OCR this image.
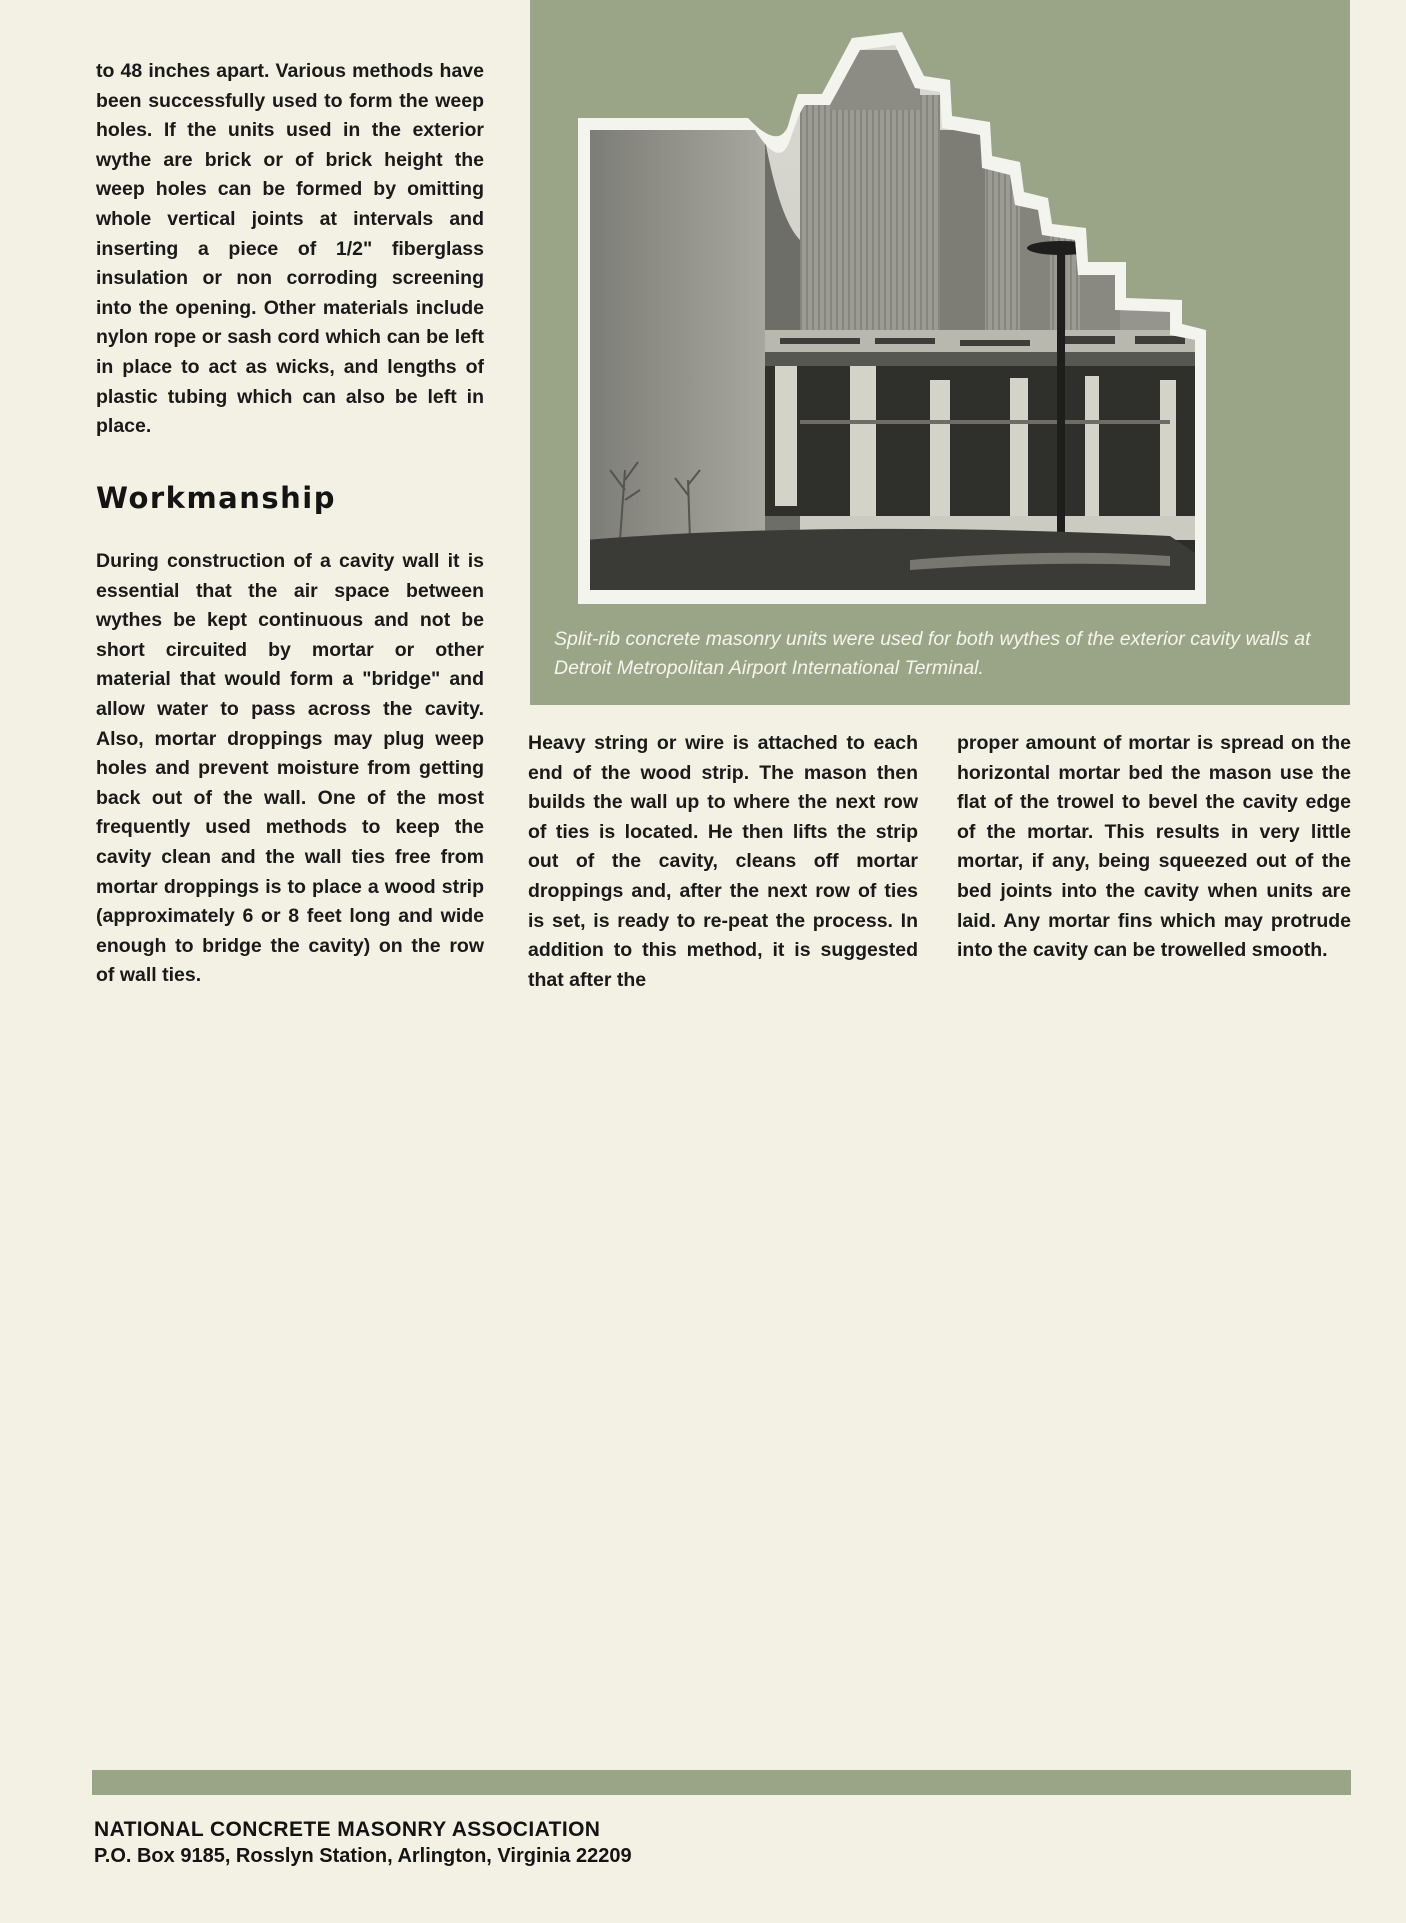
to 48 inches apart. Various methods have been successfully used to form the weep holes. If the units used in the exterior wythe are brick or of brick height the weep holes can be formed by omitting whole vertical joints at intervals and inserting a piece of 1/2" fiberglass insulation or non corroding screening into the opening. Other materials include nylon rope or sash cord which can be left in place to act as wicks, and lengths of plastic tubing which can also be left in place.

Workmanship

During construction of a cavity wall it is essential that the air space between wythes be kept continuous and not be short circuited by mortar or other material that would form a "bridge" and allow water to pass across the cavity. Also, mortar droppings may plug weep holes and prevent moisture from getting back out of the wall. One of the most frequently used methods to keep the cavity clean and the wall ties free from mortar droppings is to place a wood strip (approximately 6 or 8 feet long and wide enough to bridge the cavity) on the row of wall ties.

Split-rib concrete masonry units were used for both wythes of the exterior cavity walls at Detroit Metropolitan Airport International Terminal.

Heavy string or wire is attached to each end of the wood strip. The mason then builds the wall up to where the next row of ties is located. He then lifts the strip out of the cavity, cleans off mortar droppings and, after the next row of ties is set, is ready to re-peat the process. In addition to this method, it is suggested that after the

proper amount of mortar is spread on the horizontal mortar bed the mason use the flat of the trowel to bevel the cavity edge of the mortar. This results in very little mortar, if any, being squeezed out of the bed joints into the cavity when units are laid. Any mortar fins which may protrude into the cavity can be trowelled smooth.

NATIONAL CONCRETE MASONRY ASSOCIATION

P.O. Box 9185, Rosslyn Station, Arlington, Virginia 22209
